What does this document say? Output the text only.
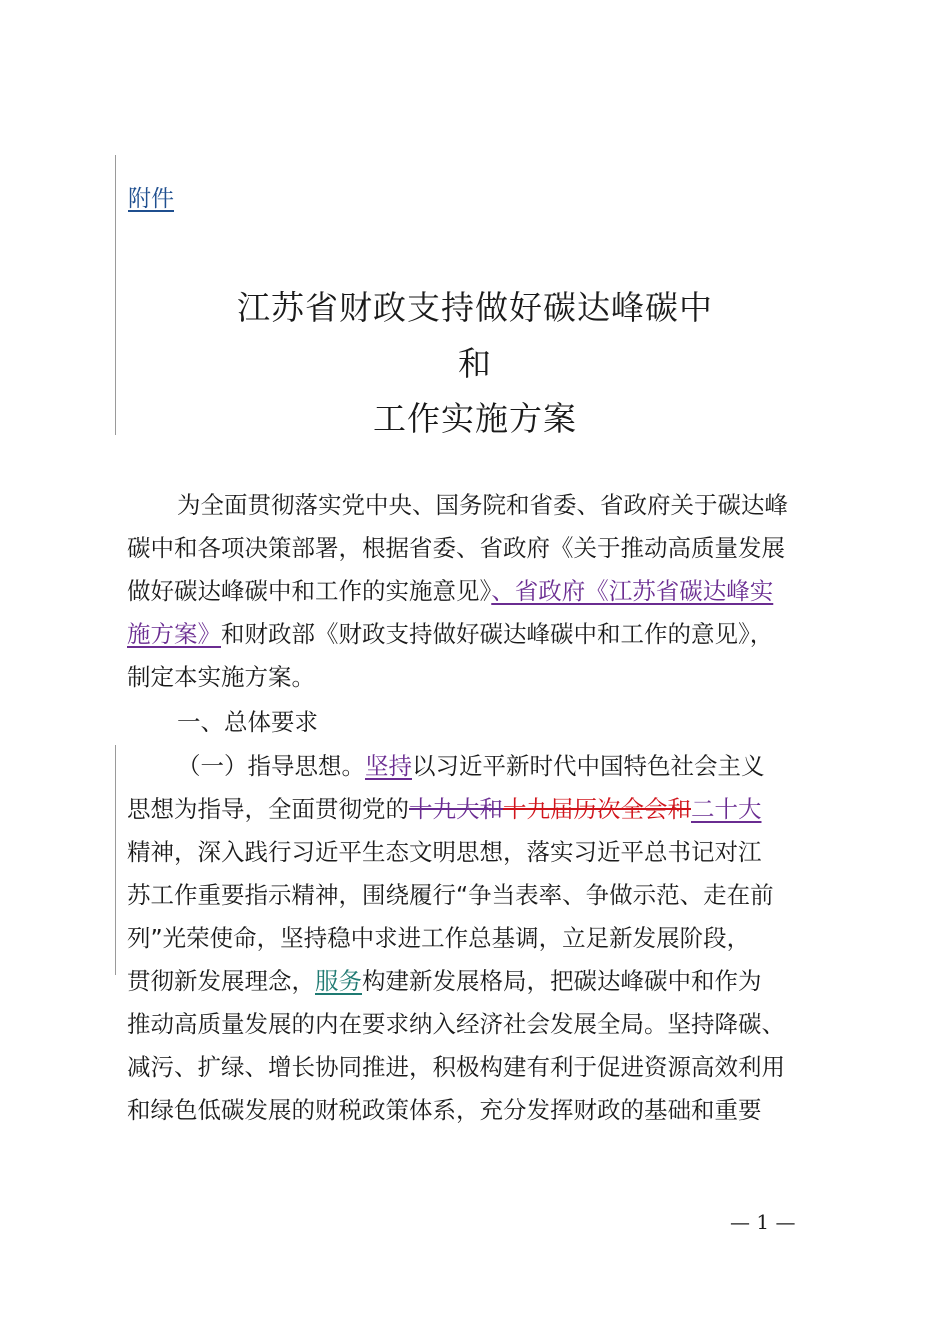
附件
江苏省财政支持做好碳达峰碳中
和
工作实施方案
为全面贯彻落实党中央、国务院和省委、省政府关于碳达峰
碳中和各项决策部署，根据省委、省政府《关于推动高质量发展
做好碳达峰碳中和工作的实施意见》、省政府《江苏省碳达峰实
施方案》和财政部《财政支持做好碳达峰碳中和工作的意见》，
制定本实施方案。
一、总体要求
（一）指导思想。坚持以习近平新时代中国特色社会主义
思想为指导，全面贯彻党的十九大和十九届历次全会和二十大
精神，深入践行习近平生态文明思想，落实习近平总书记对江
苏工作重要指示精神，围绕履行“争当表率、争做示范、走在前
列”光荣使命，坚持稳中求进工作总基调，立足新发展阶段，
贯彻新发展理念，服务构建新发展格局，把碳达峰碳中和作为
推动高质量发展的内在要求纳入经济社会发展全局。坚持降碳、
减污、扩绿、增长协同推进，积极构建有利于促进资源高效利用
和绿色低碳发展的财税政策体系，充分发挥财政的基础和重要
— 1 —
